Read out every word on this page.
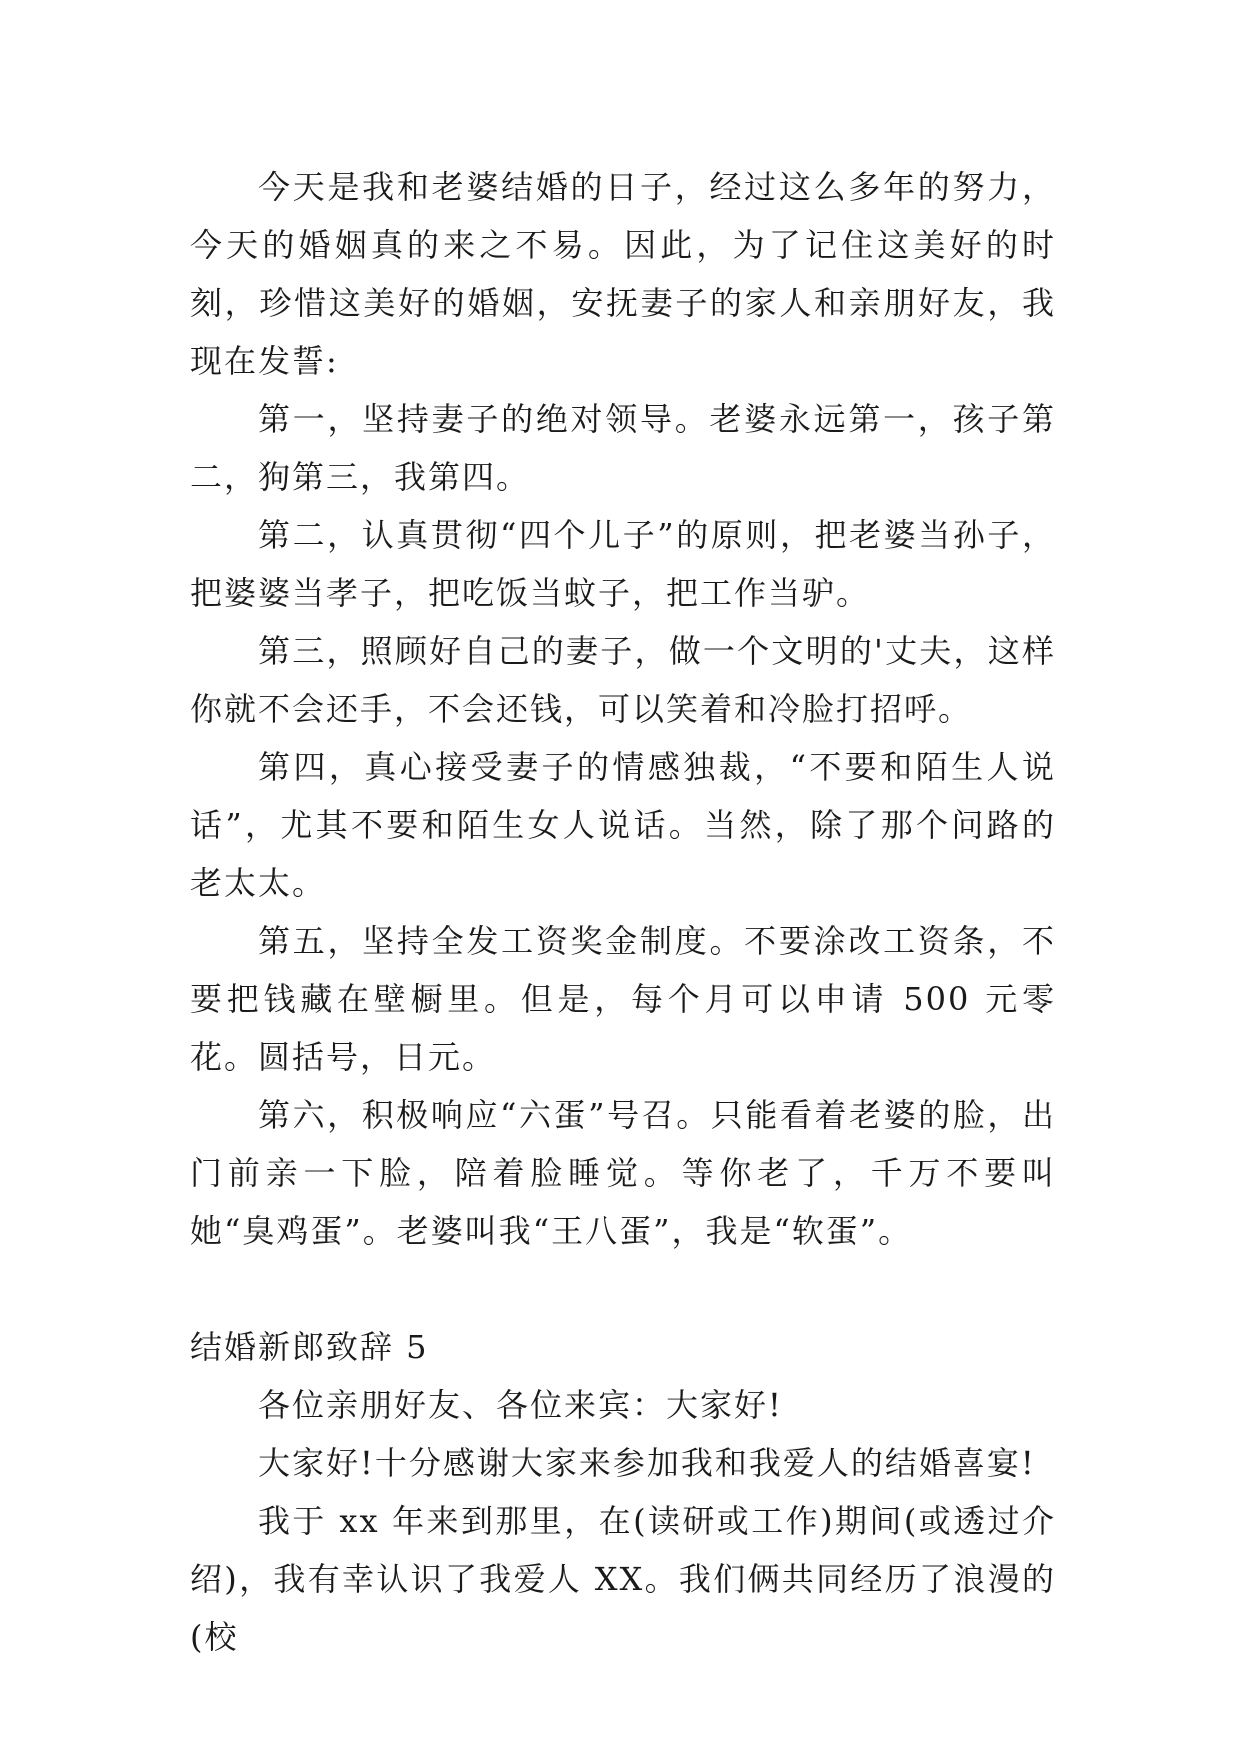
今天是我和老婆结婚的日子，经过这么多年的努力，今天的婚姻真的来之不易。因此，为了记住这美好的时刻，珍惜这美好的婚姻，安抚妻子的家人和亲朋好友，我现在发誓:

第一，坚持妻子的绝对领导。老婆永远第一，孩子第二，狗第三，我第四。

第二，认真贯彻“四个儿子”的原则，把老婆当孙子，把婆婆当孝子，把吃饭当蚊子，把工作当驴。

第三，照顾好自己的妻子，做一个文明的'丈夫，这样你就不会还手，不会还钱，可以笑着和冷脸打招呼。

第四，真心接受妻子的情感独裁，“不要和陌生人说话”，尤其不要和陌生女人说话。当然，除了那个问路的老太太。

第五，坚持全发工资奖金制度。不要涂改工资条，不要把钱藏在壁橱里。但是，每个月可以申请 500 元零花。圆括号，日元。

第六，积极响应“六蛋”号召。只能看着老婆的脸，出门前亲一下脸，陪着脸睡觉。等你老了，千万不要叫她“臭鸡蛋”。老婆叫我“王八蛋”，我是“软蛋”。

结婚新郎致辞 5

各位亲朋好友、各位来宾：大家好!

大家好!十分感谢大家来参加我和我爱人的结婚喜宴!

我于 xx 年来到那里，在(读研或工作)期间(或透过介绍)，我有幸认识了我爱人 XX。我们俩共同经历了浪漫的(校
